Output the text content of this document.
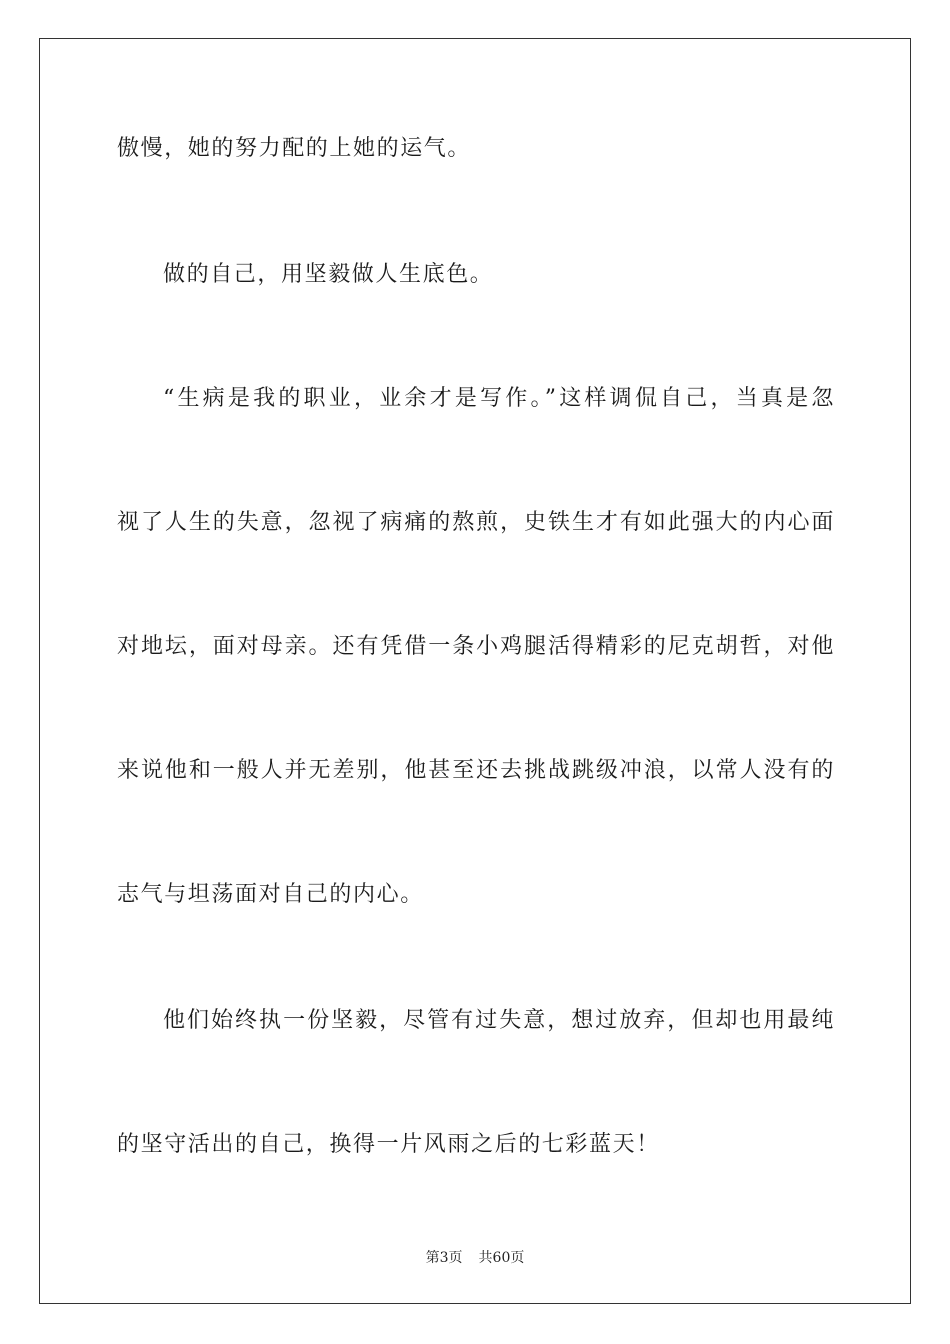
傲慢，她的努力配的上她的运气。
做的自己，用坚毅做人生底色。
“生病是我的职业，业余才是写作。”这样调侃自己，当真是忽
视了人生的失意，忽视了病痛的熬煎，史铁生才有如此强大的内心面
对地坛，面对母亲。还有凭借一条小鸡腿活得精彩的尼克胡哲，对他
来说他和一般人并无差别，他甚至还去挑战跳级冲浪，以常人没有的
志气与坦荡面对自己的内心。
他们始终执一份坚毅，尽管有过失意，想过放弃，但却也用最纯
的坚守活出的自己，换得一片风雨之后的七彩蓝天！
第3页 共60页
